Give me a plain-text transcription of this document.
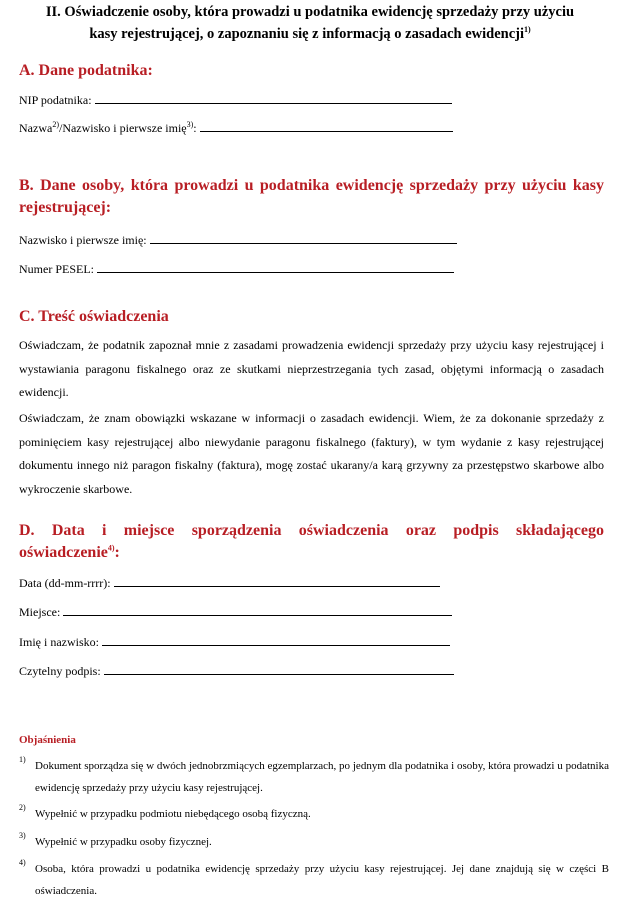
II. Oświadczenie osoby, która prowadzi u podatnika ewidencję sprzedaży przy użyciu
kasy rejestrującej, o zapoznaniu się z informacją o zasadach ewidencji$^{1)}$
A. Dane podatnika:
NIP podatnika:
Nazwa$^{2)}$/Nazwisko i pierwsze imię$^{3)}$:
B. Dane osoby, która prowadzi u podatnika ewidencję sprzedaży przy użyciu kasy rejestrującej:
Nazwisko i pierwsze imię:
Numer PESEL:
C. Treść oświadczenia
Oświadczam, że podatnik zapoznał mnie z zasadami prowadzenia ewidencji sprzedaży przy użyciu kasy rejestrującej i wystawiania paragonu fiskalnego oraz ze skutkami nieprzestrzegania tych zasad, objętymi informacją o zasadach ewidencji.
Oświadczam, że znam obowiązki wskazane w informacji o zasadach ewidencji. Wiem, że za dokonanie sprzedaży z pominięciem kasy rejestrującej albo niewydanie paragonu fiskalnego (faktury), w tym wydanie z kasy rejestrującej dokumentu innego niż paragon fiskalny (faktura), mogę zostać ukarany/a karą grzywny za przestępstwo skarbowe albo wykroczenie skarbowe.
D. Data i miejsce sporządzenia oświadczenia oraz podpis składającego
oświadczenie$^{4)}$:
Data (dd-mm-rrrr):
Miejsce:
Imię i nazwisko:
Czytelny podpis:
Objaśnienia
1)
Dokument sporządza się w dwóch jednobrzmiących egzemplarzach, po jednym dla podatnika i osoby, która prowadzi u podatnika ewidencję sprzedaży przy użyciu kasy rejestrującej.
2)
Wypełnić w przypadku podmiotu niebędącego osobą fizyczną.
3)
Wypełnić w przypadku osoby fizycznej.
4)
Osoba, która prowadzi u podatnika ewidencję sprzedaży przy użyciu kasy rejestrującej. Jej dane znajdują się w części B oświadczenia.
